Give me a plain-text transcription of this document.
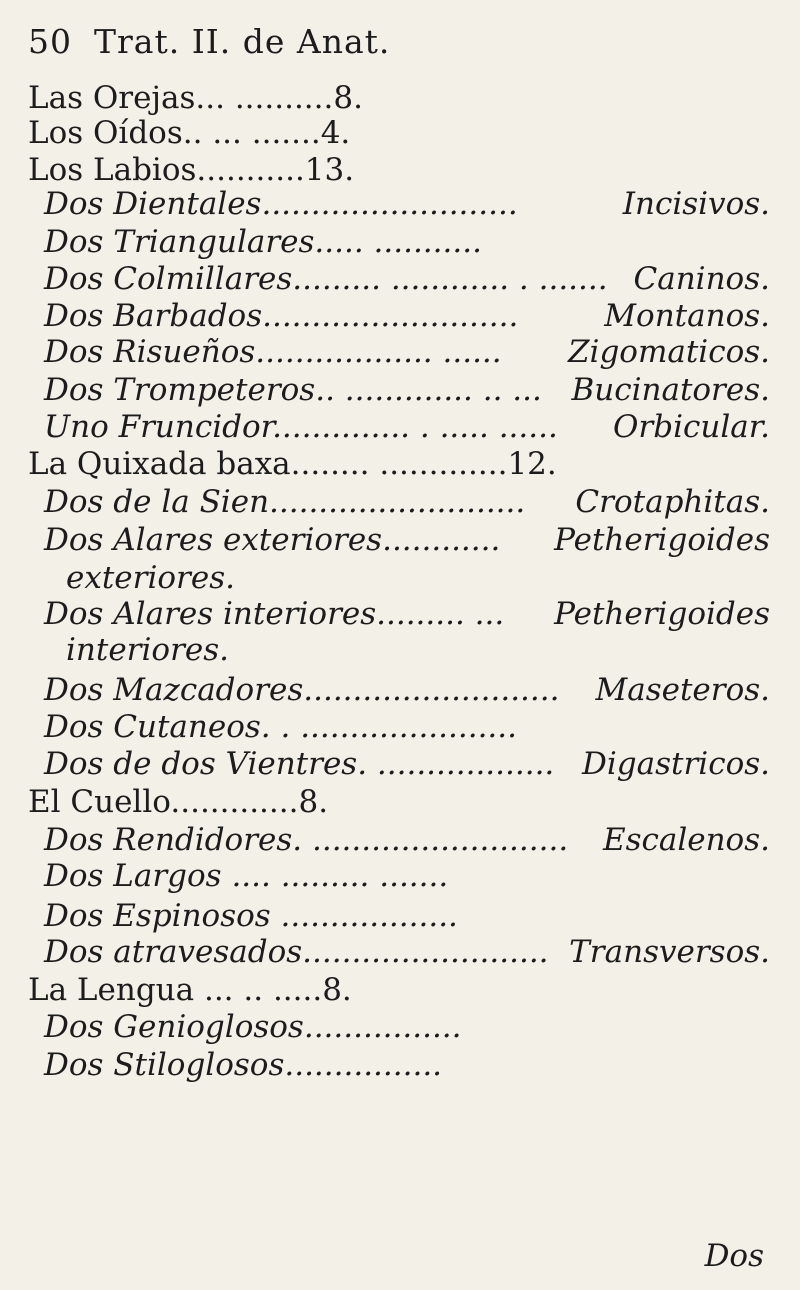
50 Trat. II. de Anat.
Las Orejas... ..........8.
Los Oídos.. ... .......4.
Los Labios...........13.
Dos Dientales..........................	Incisivos.
Dos Triangulares..... ...........
Dos Colmillares......... ............ . ....... Caninos.
Dos Barbados..........................	Montanos.
Dos Risueños.................. ...... Zigomaticos.
Dos Trompeteros.. ............. .. ... Bucinatores.
Uno Fruncidor.............. . ..... ...... Orbicular.
La Quixada baxa........ .............12.
Dos de la Sien.......................... Crotaphitas.
Dos Alares exteriores............ Petherigoides
exteriores.
Dos Alares interiores......... ... Petherigoides
interiores.
Dos Mazcadores.......................... Maseteros.
Dos Cutaneos. . ......................
Dos de dos Vientres. .................. Digastricos.
El Cuello.............8.
Dos Rendidores. .......................... Escalenos.
Dos Largos .... ......... .......
Dos Espinosos ..................
Dos atravesados......................... Transversos.
La Lengua ... .. .....8.
Dos Genioglosos................
Dos Stiloglosos................
Dos
